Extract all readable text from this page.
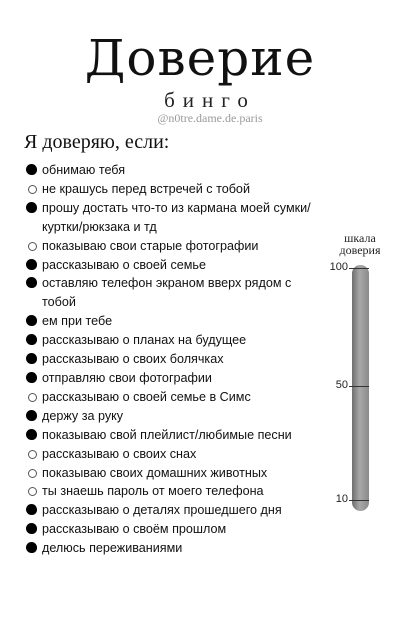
Доверие
бинго
@n0tre.dame.de.paris
Я доверяю, если:
обнимаю тебя
не крашусь перед встречей с тобой
прошу достать что-то из кармана моей сумки/куртки/рюкзака и тд
показываю свои старые фотографии
рассказываю о своей семье
оставляю телефон экраном вверх рядом с тобой
ем при тебе
рассказываю о планах на будущее
рассказываю о своих болячках
отправляю свои фотографии
рассказываю о своей семье в Симс
держу за руку
показываю свой плейлист/любимые песни
рассказываю о своих снах
показываю своих домашних животных
ты знаешь пароль от моего телефона
рассказываю о деталях прошедшего дня
рассказываю о своём прошлом
делюсь переживаниями
шкала
доверия
100
50
10
